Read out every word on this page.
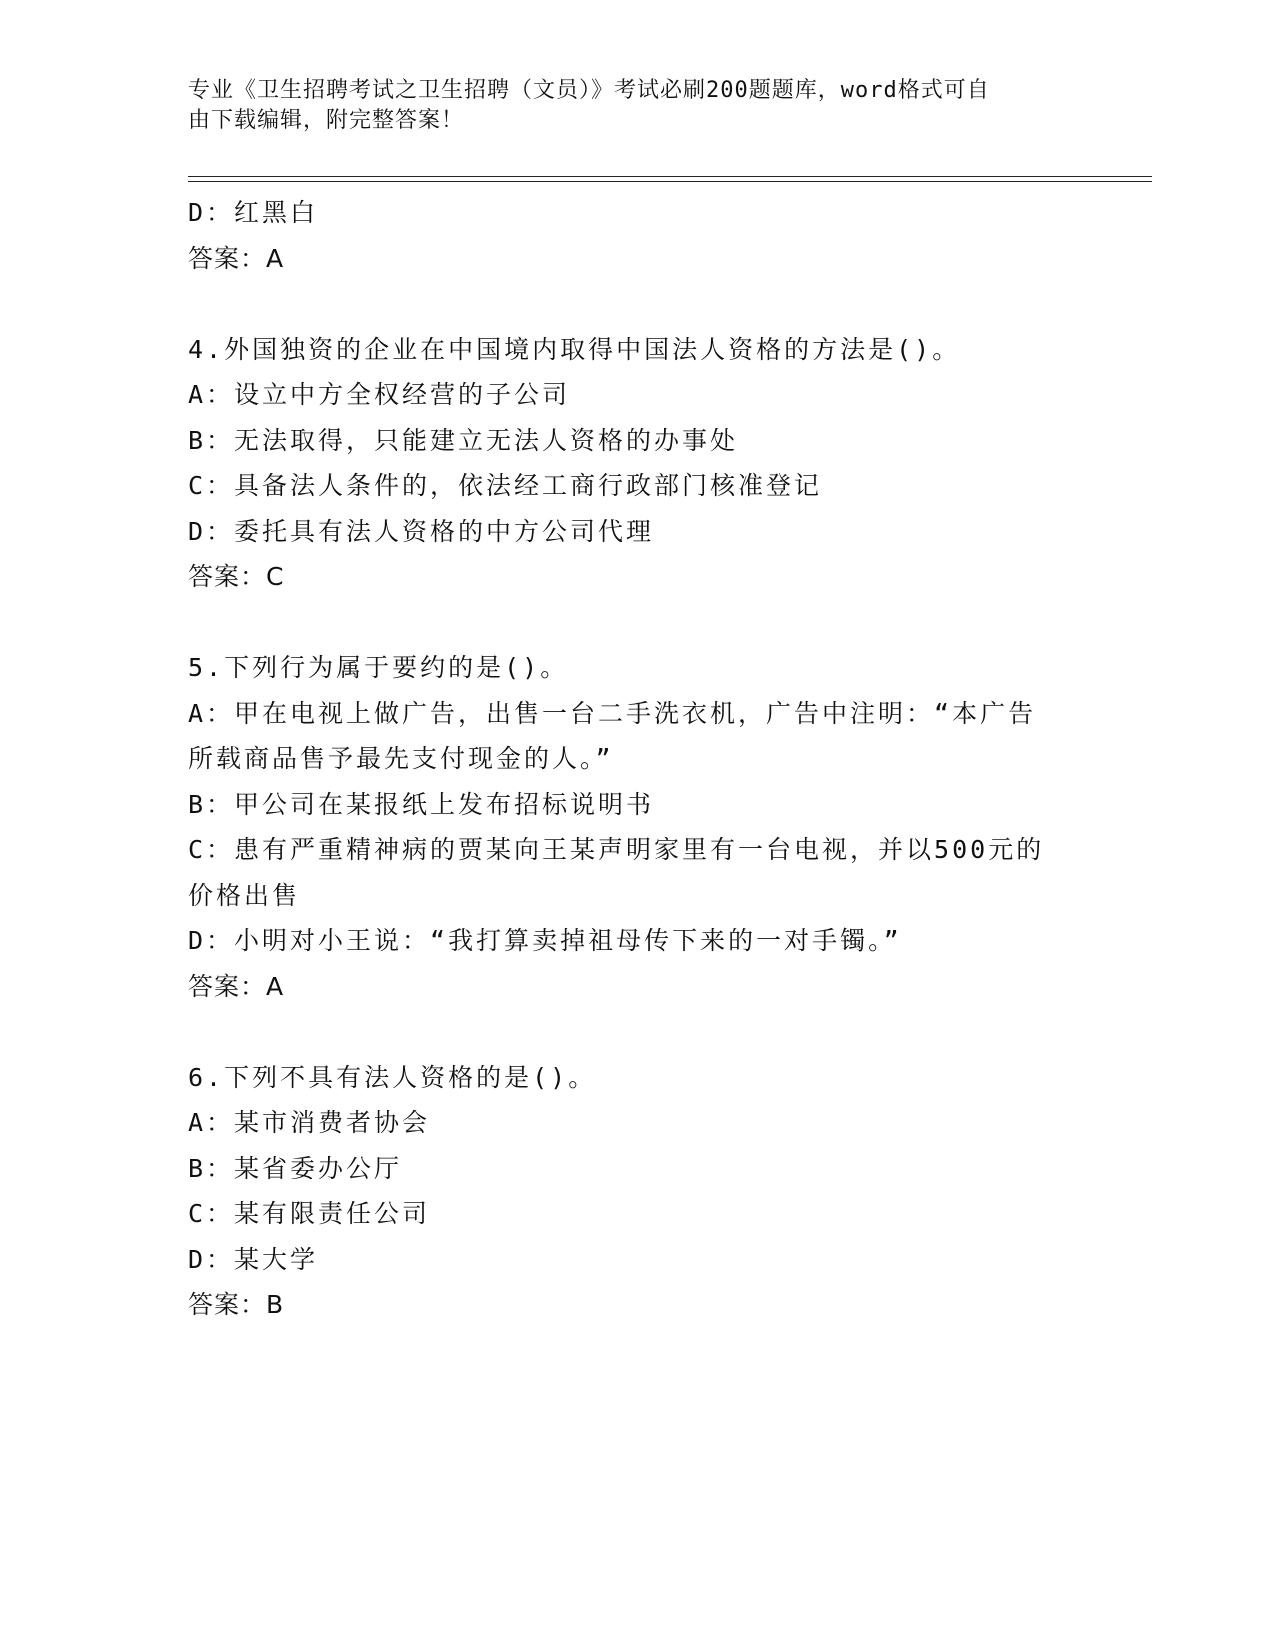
专业《卫生招聘考试之卫生招聘（文员）》考试必刷200题题库，word格式可自
由下载编辑，附完整答案！
D：红黑白
答案：A
4.外国独资的企业在中国境内取得中国法人资格的方法是()。
A：设立中方全权经营的子公司
B：无法取得，只能建立无法人资格的办事处
C：具备法人条件的，依法经工商行政部门核准登记
D：委托具有法人资格的中方公司代理
答案：C
5.下列行为属于要约的是()。
A：甲在电视上做广告，出售一台二手洗衣机，广告中注明：“本广告
所载商品售予最先支付现金的人。”
B：甲公司在某报纸上发布招标说明书
C：患有严重精神病的贾某向王某声明家里有一台电视，并以500元的
价格出售
D：小明对小王说：“我打算卖掉祖母传下来的一对手镯。”
答案：A
6.下列不具有法人资格的是()。
A：某市消费者协会
B：某省委办公厅
C：某有限责任公司
D：某大学
答案：B
